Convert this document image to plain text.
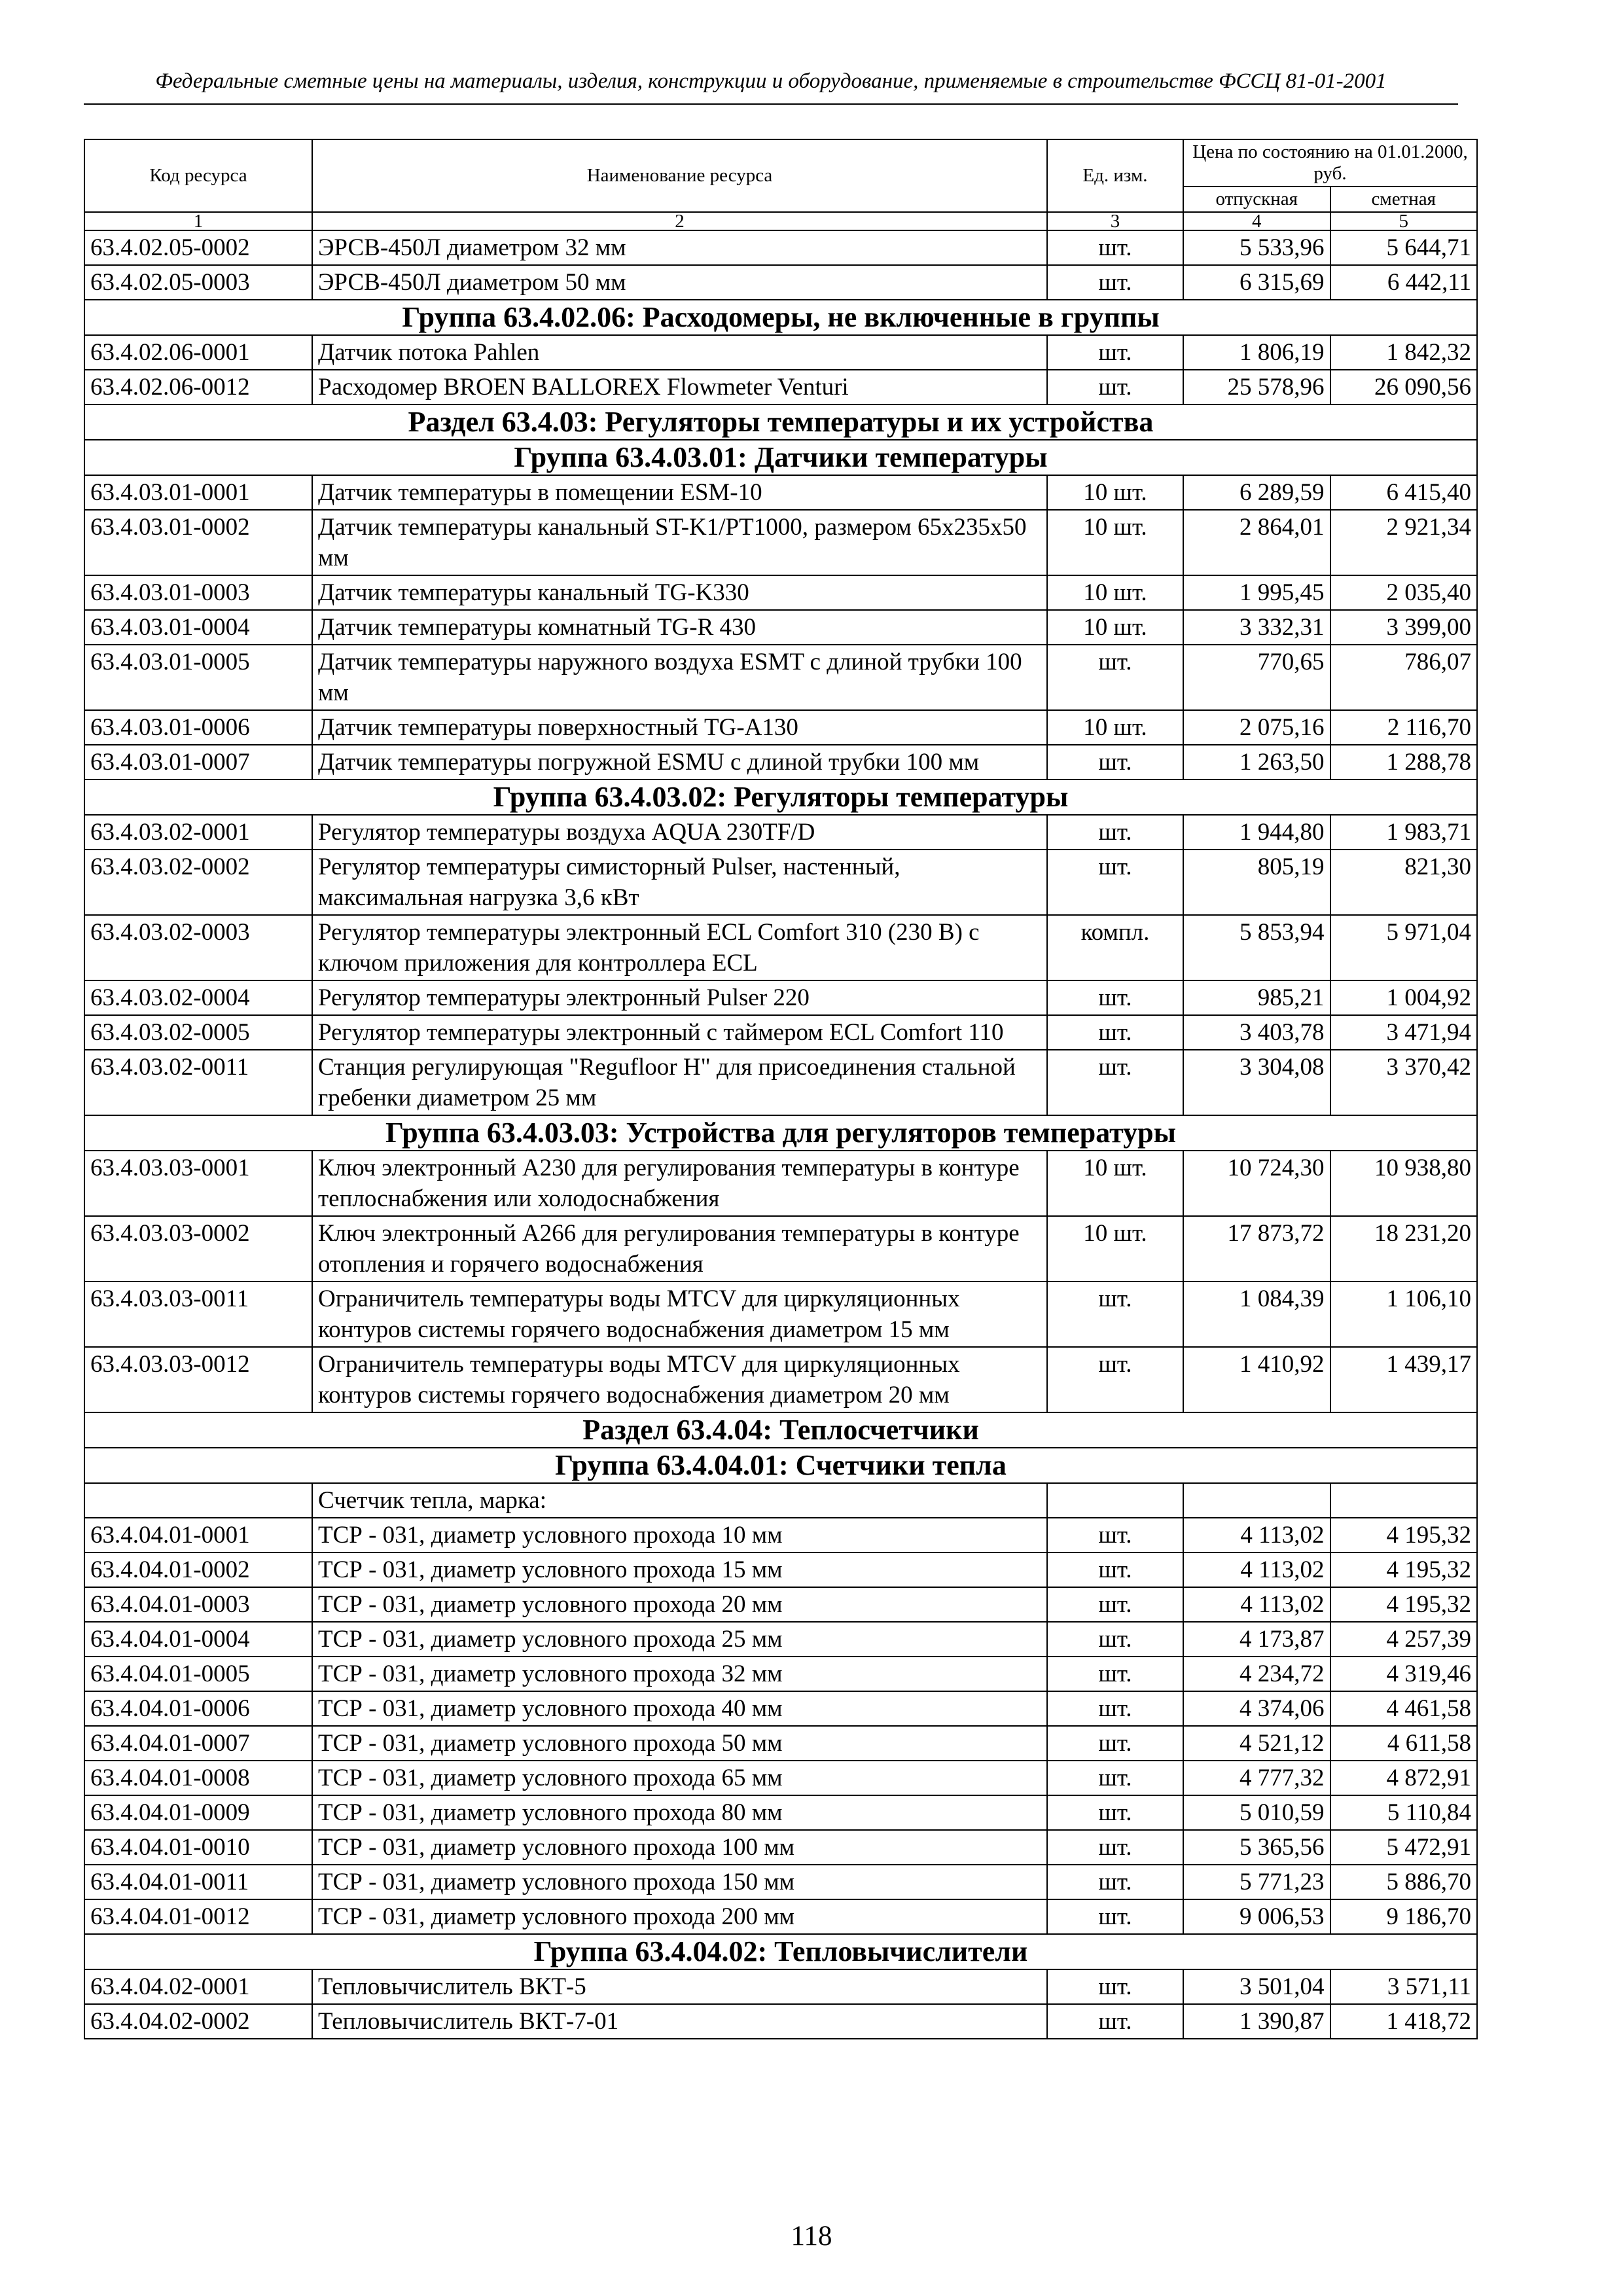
Федеральные сметные цены на материалы, изделия, конструкции и оборудование, применяемые в строительстве ФССЦ 81-01-2001
Код ресурса	Наименование ресурса	Ед. изм.	Цена по состоянию на 01.01.2000, руб.	
			отпускная	сметная
1	2	3	4	5
63.4.02.05-0002	ЭРСВ-450Л диаметром 32 мм	шт.	5 533,96	5 644,71
63.4.02.05-0003	ЭРСВ-450Л диаметром 50 мм	шт.	6 315,69	6 442,11
Группа 63.4.02.06: Расходомеры, не включенные в группы				
63.4.02.06-0001	Датчик потока Pahlen	шт.	1 806,19	1 842,32
63.4.02.06-0012	Расходомер BROEN BALLOREX Flowmeter Venturi	шт.	25 578,96	26 090,56
Раздел 63.4.03: Регуляторы температуры и их устройства				
Группа 63.4.03.01: Датчики температуры				
63.4.03.01-0001	Датчик температуры в помещении ESM-10	10 шт.	6 289,59	6 415,40
63.4.03.01-0002	Датчик температуры канальный ST-K1/PT1000, размером 65x235x50 мм	10 шт.	2 864,01	2 921,34
63.4.03.01-0003	Датчик температуры канальный TG-K330	10 шт.	1 995,45	2 035,40
63.4.03.01-0004	Датчик температуры комнатный TG-R 430	10 шт.	3 332,31	3 399,00
63.4.03.01-0005	Датчик температуры наружного воздуха ESMT с длиной трубки 100 мм	шт.	770,65	786,07
63.4.03.01-0006	Датчик температуры поверхностный TG-A130	10 шт.	2 075,16	2 116,70
63.4.03.01-0007	Датчик температуры погружной ESMU с длиной трубки 100 мм	шт.	1 263,50	1 288,78
Группа 63.4.03.02: Регуляторы температуры				
63.4.03.02-0001	Регулятор температуры воздуха AQUA 230TF/D	шт.	1 944,80	1 983,71
63.4.03.02-0002	Регулятор температуры симисторный Pulser, настенный, максимальная нагрузка 3,6 кВт	шт.	805,19	821,30
63.4.03.02-0003	Регулятор температуры электронный ECL Comfort 310 (230 В) с ключом приложения для контроллера ECL	компл.	5 853,94	5 971,04
63.4.03.02-0004	Регулятор температуры электронный Pulser 220	шт.	985,21	1 004,92
63.4.03.02-0005	Регулятор температуры электронный с таймером ECL Comfort 110	шт.	3 403,78	3 471,94
63.4.03.02-0011	Станция регулирующая "Regufloor H" для присоединения стальной гребенки диаметром 25 мм	шт.	3 304,08	3 370,42
Группа 63.4.03.03: Устройства для регуляторов температуры				
63.4.03.03-0001	Ключ электронный А230 для регулирования температуры в контуре теплоснабжения или холодоснабжения	10 шт.	10 724,30	10 938,80
63.4.03.03-0002	Ключ электронный А266 для регулирования температуры в контуре отопления и горячего водоснабжения	10 шт.	17 873,72	18 231,20
63.4.03.03-0011	Ограничитель температуры воды MTCV для циркуляционных контуров системы горячего водоснабжения диаметром 15 мм	шт.	1 084,39	1 106,10
63.4.03.03-0012	Ограничитель температуры воды MTCV для циркуляционных контуров системы горячего водоснабжения диаметром 20 мм	шт.	1 410,92	1 439,17
Раздел 63.4.04: Теплосчетчики				
Группа 63.4.04.01: Счетчики тепла				
	Счетчик тепла, марка:			
63.4.04.01-0001	ТСР - 031, диаметр условного прохода 10 мм	шт.	4 113,02	4 195,32
63.4.04.01-0002	ТСР - 031, диаметр условного прохода 15 мм	шт.	4 113,02	4 195,32
63.4.04.01-0003	ТСР - 031, диаметр условного прохода 20 мм	шт.	4 113,02	4 195,32
63.4.04.01-0004	ТСР - 031, диаметр условного прохода 25 мм	шт.	4 173,87	4 257,39
63.4.04.01-0005	ТСР - 031, диаметр условного прохода 32 мм	шт.	4 234,72	4 319,46
63.4.04.01-0006	ТСР - 031, диаметр условного прохода 40 мм	шт.	4 374,06	4 461,58
63.4.04.01-0007	ТСР - 031, диаметр условного прохода 50 мм	шт.	4 521,12	4 611,58
63.4.04.01-0008	ТСР - 031, диаметр условного прохода 65 мм	шт.	4 777,32	4 872,91
63.4.04.01-0009	ТСР - 031, диаметр условного прохода 80 мм	шт.	5 010,59	5 110,84
63.4.04.01-0010	ТСР - 031, диаметр условного прохода 100 мм	шт.	5 365,56	5 472,91
63.4.04.01-0011	ТСР - 031, диаметр условного прохода 150 мм	шт.	5 771,23	5 886,70
63.4.04.01-0012	ТСР - 031, диаметр условного прохода 200 мм	шт.	9 006,53	9 186,70
Группа 63.4.04.02: Тепловычислители				
63.4.04.02-0001	Тепловычислитель ВКТ-5	шт.	3 501,04	3 571,11
63.4.04.02-0002	Тепловычислитель ВКТ-7-01	шт.	1 390,87	1 418,72
118
